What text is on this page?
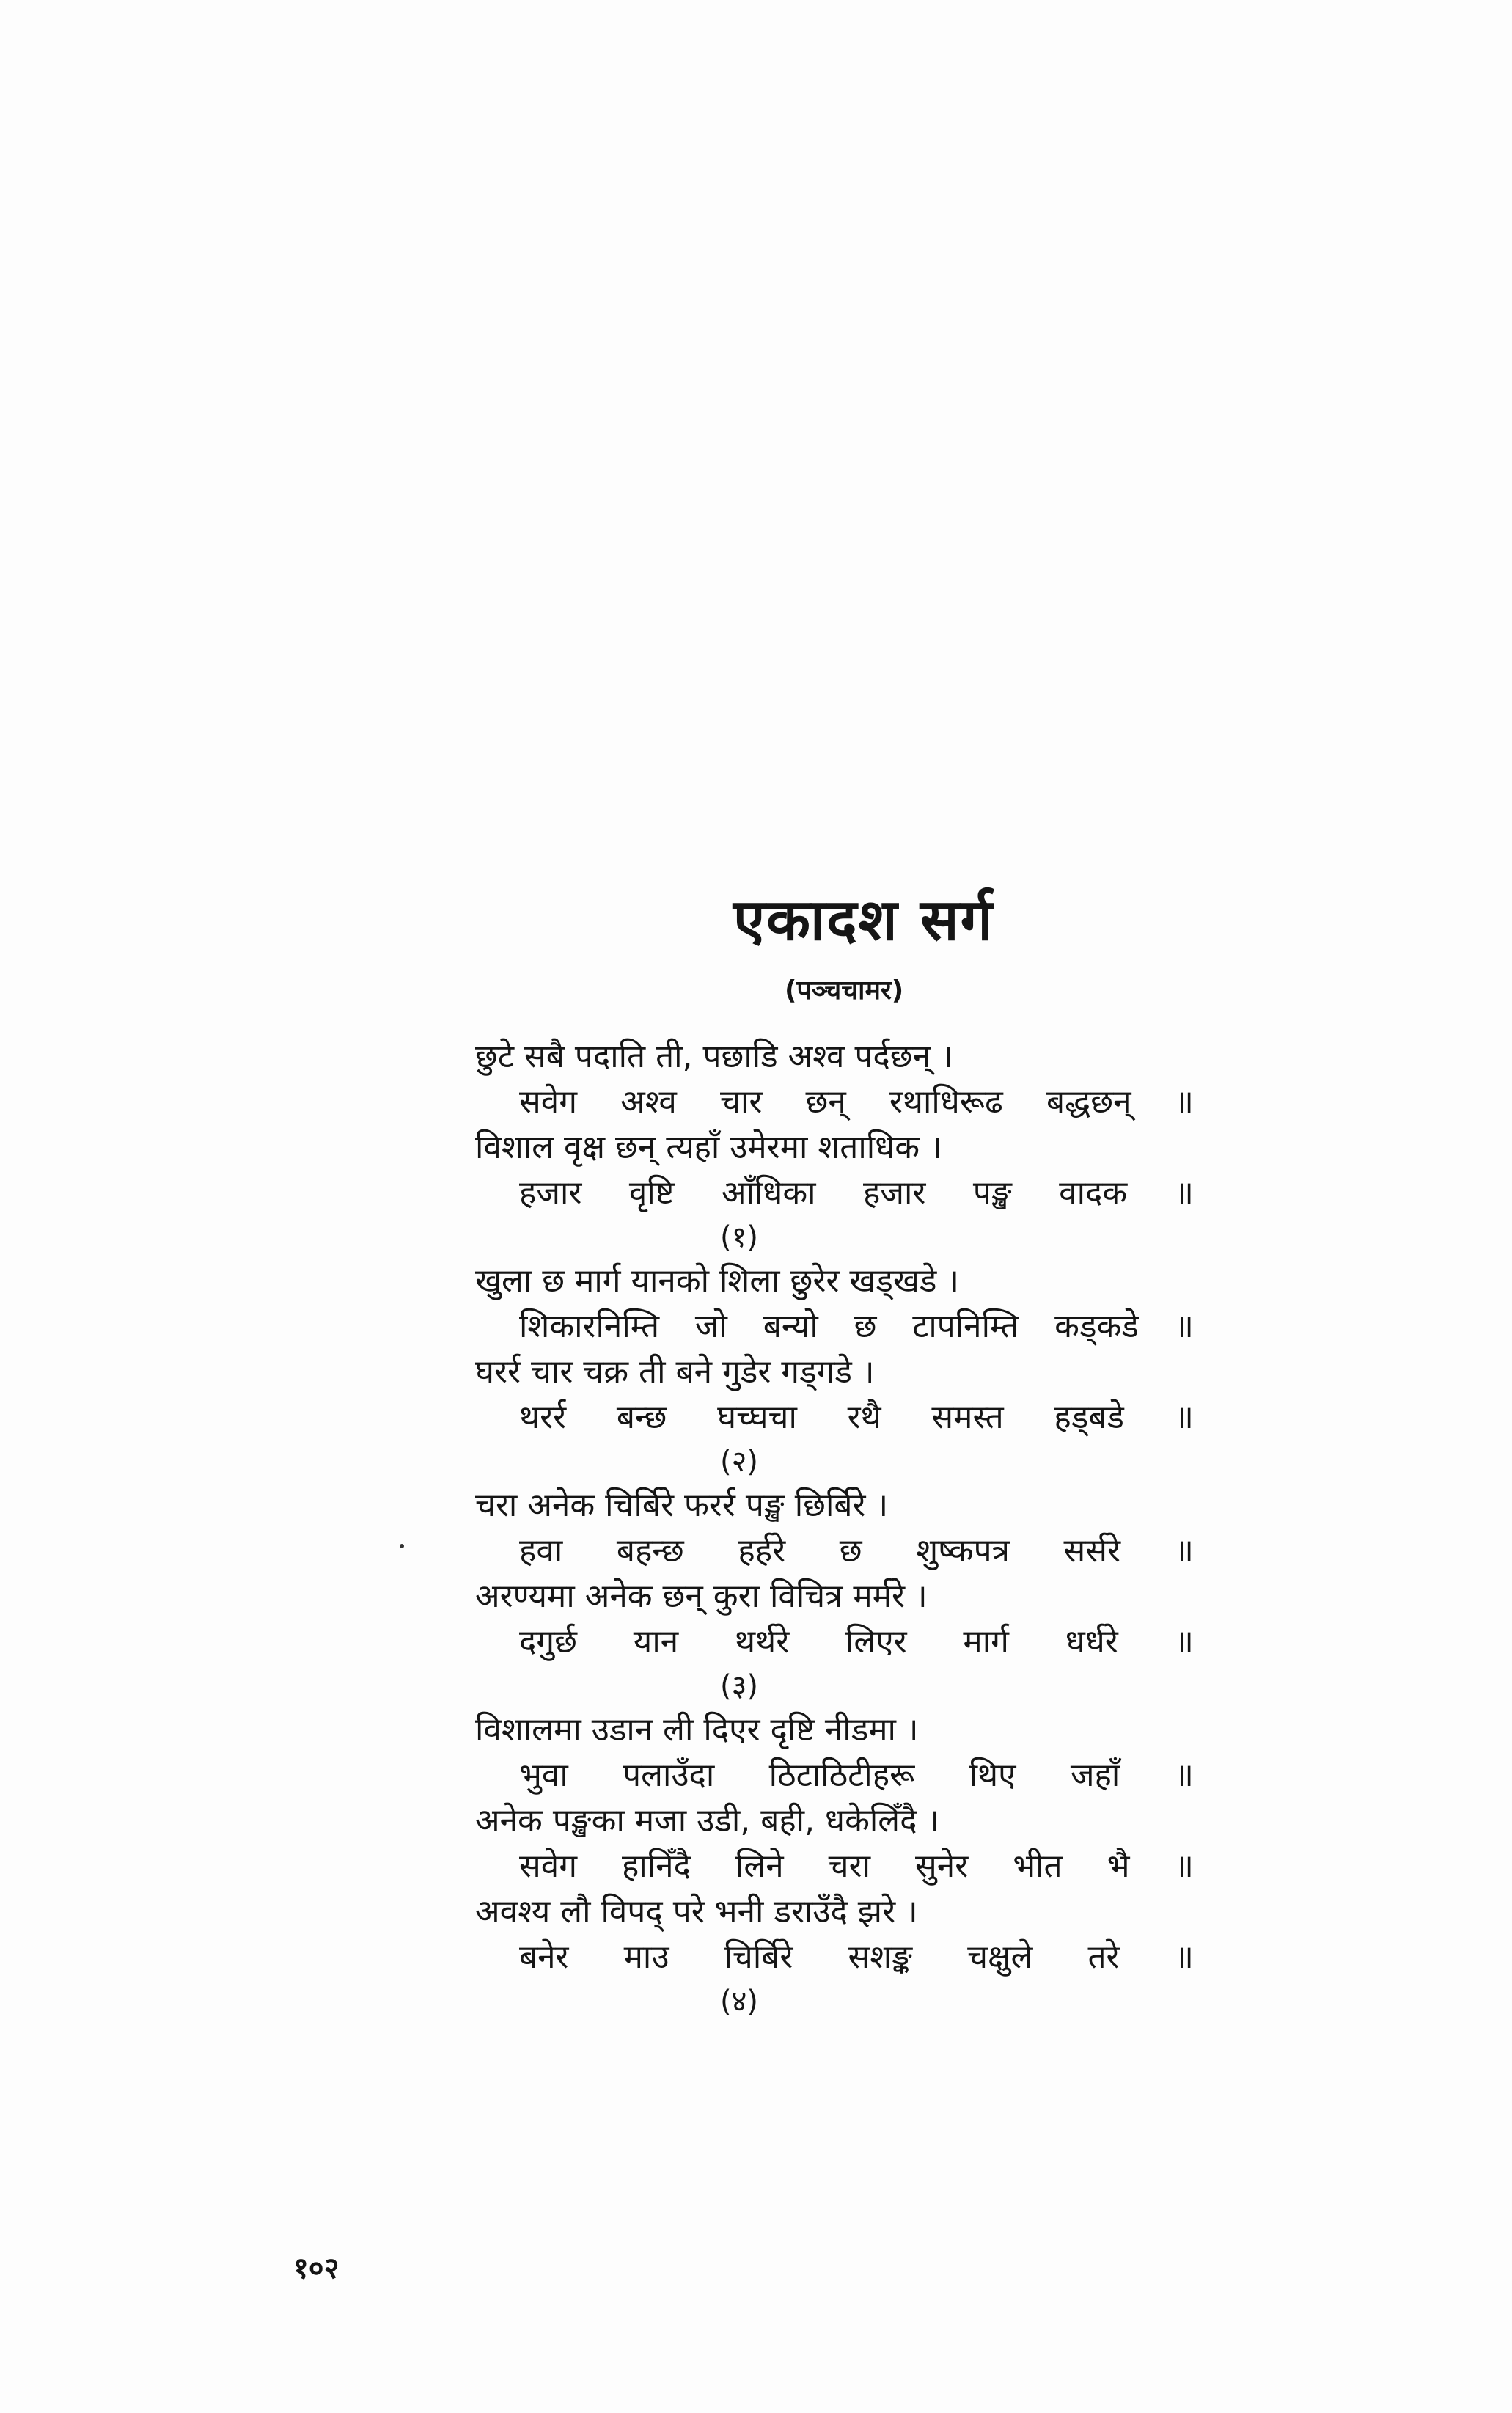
एकादश सर्ग
(पञ्चचामर)
छुटे सबै पदाति ती, पछाडि अश्व पर्दछन् ।
सवेग अश्व चार छन् रथाधिरूढ बद्धछन् ॥
विशाल वृक्ष छन् त्यहाँ उमेरमा शताधिक ।
हजार वृष्टि आँधिका हजार पङ्ख वादक ॥
(१)
खुला छ मार्ग यानको शिला छुरेर खड्खडे ।
शिकारनिम्ति जो बन्यो छ टापनिम्ति कड्कडे ॥
घरर्र चार चक्र ती बने गुडेर गड्गडे ।
थरर्र बन्छ घच्घचा रथै समस्त हड्बडे ॥
(२)
चरा अनेक चिर्बिरे फरर्र पङ्ख छिर्बिरे ।
हवा बहन्छ हर्हरे छ शुष्कपत्र सर्सरे ॥
अरण्यमा अनेक छन् कुरा विचित्र मर्मरे ।
दगुर्छ यान थर्थरे लिएर मार्ग धर्धरे ॥
(३)
विशालमा उडान ली दिएर दृष्टि नीडमा ।
भुवा पलाउँदा ठिटाठिटीहरू थिए जहाँ ॥
अनेक पङ्खका मजा उडी, बही, धकेलिँदै ।
सवेग हानिँदै लिने चरा सुनेर भीत भै ॥
अवश्य लौ विपद् परे भनी डराउँदै झरे ।
बनेर माउ चिर्बिरे सशङ्क चक्षुले तरे ॥
(४)
१०२
